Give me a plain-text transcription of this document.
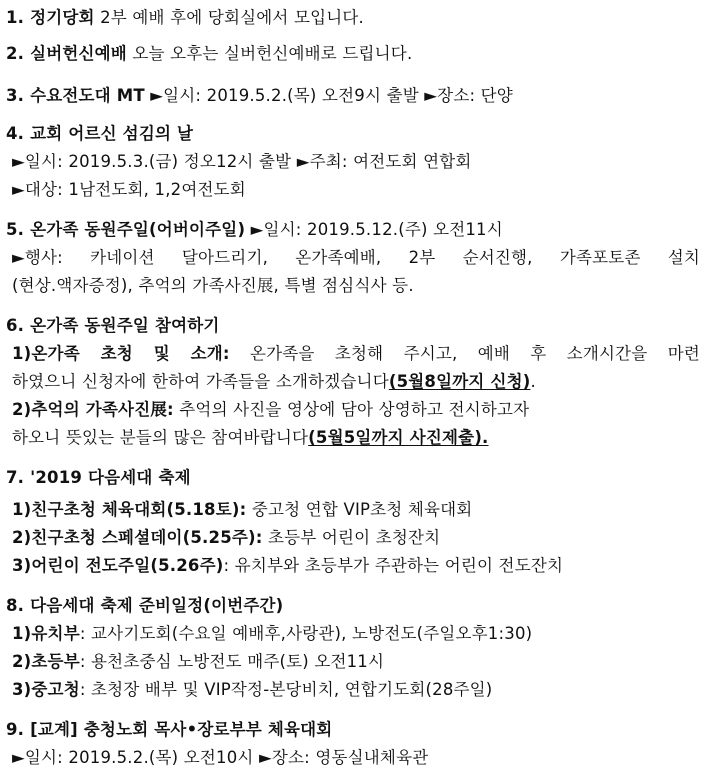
1. 정기당회 2부 예배 후에 당회실에서 모입니다.
2. 실버헌신예배 오늘 오후는 실버헌신예배로 드립니다.
3. 수요전도대 MT ►일시: 2019.5.2.(목) 오전9시 출발 ►장소: 단양
4. 교회 어르신 섬김의 날
►일시: 2019.5.3.(금) 정오12시 출발 ►주최: 여전도회 연합회
►대상: 1남전도회, 1,2여전도회
5. 온가족 동원주일(어버이주일) ►일시: 2019.5.12.(주) 오전11시
►행사: 카네이션 달아드리기, 온가족예배, 2부 순서진행, 가족포토존 설치
(현상.액자증정), 추억의 가족사진展, 특별 점심식사 등.
6. 온가족 동원주일 참여하기
1)온가족 초청 및 소개: 온가족을 초청해 주시고, 예배 후 소개시간을 마련
하였으니 신청자에 한하여 가족들을 소개하겠습니다(5월8일까지 신청).
2)추억의 가족사진展: 추억의 사진을 영상에 담아 상영하고 전시하고자
하오니 뜻있는 분들의 많은 참여바랍니다(5월5일까지 사진제출).
7. '2019 다음세대 축제
1)친구초청 체육대회(5.18토): 중고청 연합 VIP초청 체육대회
2)친구초청 스페셜데이(5.25주): 초등부 어린이 초청잔치
3)어린이 전도주일(5.26주): 유치부와 초등부가 주관하는 어린이 전도잔치
8. 다음세대 축제 준비일정(이번주간)
1)유치부: 교사기도회(수요일 예배후,사랑관), 노방전도(주일오후1:30)
2)초등부: 용천초중심 노방전도 매주(토) 오전11시
3)중고청: 초청장 배부 및 VIP작정-본당비치, 연합기도회(28주일)
9. [교계] 충청노회 목사•장로부부 체육대회
►일시: 2019.5.2.(목) 오전10시 ►장소: 영동실내체육관
